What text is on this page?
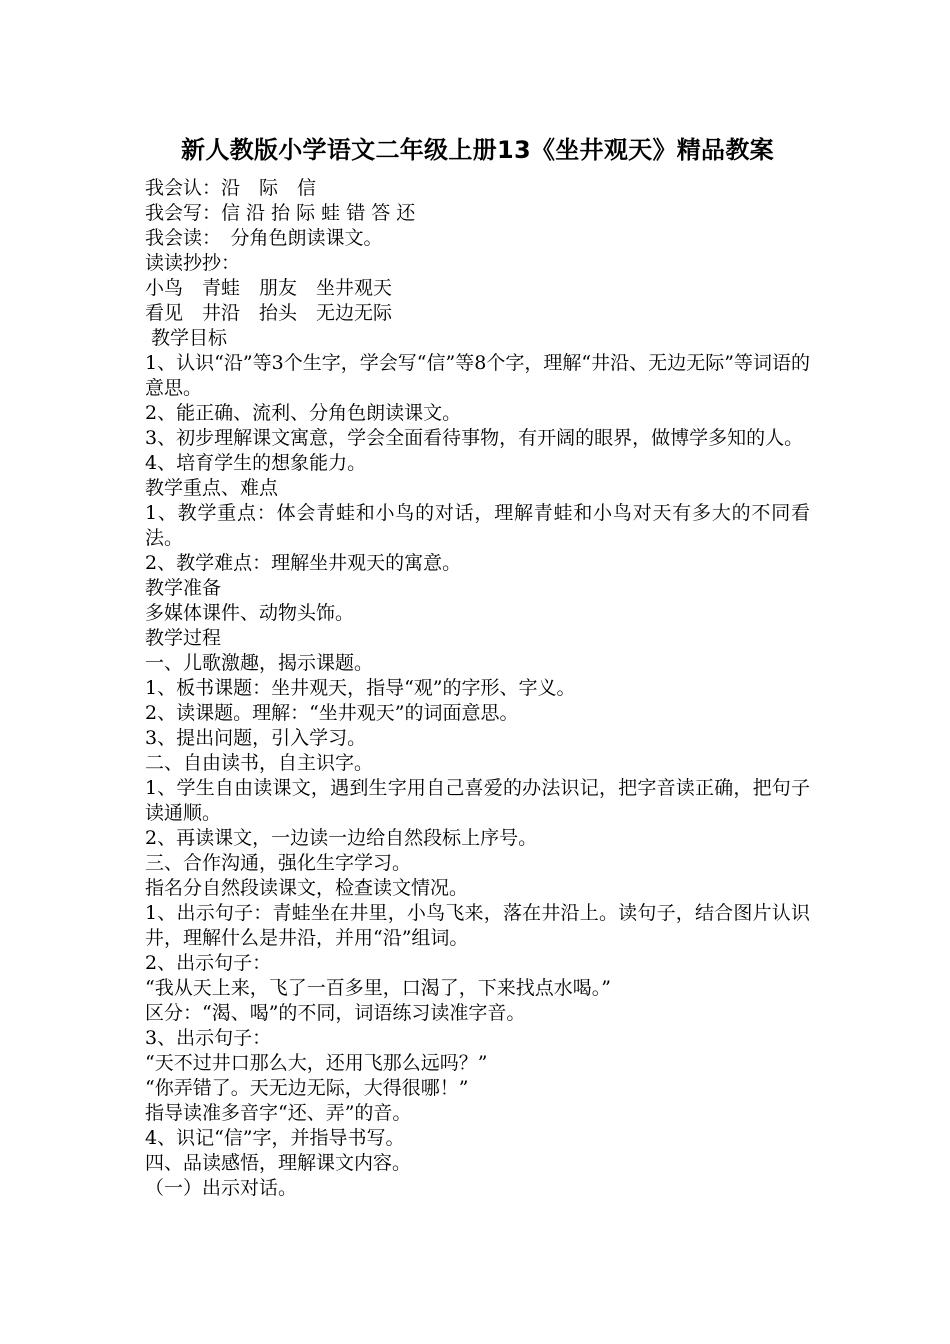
新人教版小学语文二年级上册13《坐井观天》精品教案
我会认：沿　际　信
我会写：信 沿 抬 际 蛙 错 答 还
我会读：　分角色朗读课文。
读读抄抄：
小鸟　青蛙　朋友　坐井观天
看见　井沿　抬头　无边无际
教学目标
1、认识“沿”等3个生字，学会写“信”等8个字，理解“井沿、无边无际”等词语的意思。
2、能正确、流利、分角色朗读课文。
3、初步理解课文寓意，学会全面看待事物，有开阔的眼界，做博学多知的人。
4、培育学生的想象能力。
教学重点、难点
1、教学重点：体会青蛙和小鸟的对话，理解青蛙和小鸟对天有多大的不同看法。
2、教学难点：理解坐井观天的寓意。
教学准备
多媒体课件、动物头饰。
教学过程
一、儿歌激趣，揭示课题。
1、板书课题：坐井观天，指导“观”的字形、字义。
2、读课题。理解：“坐井观天”的词面意思。
3、提出问题，引入学习。
二、自由读书，自主识字。
1、学生自由读课文，遇到生字用自己喜爱的办法识记，把字音读正确，把句子读通顺。
2、再读课文，一边读一边给自然段标上序号。
三、合作沟通，强化生字学习。
指名分自然段读课文，检查读文情况。
1、出示句子：青蛙坐在井里，小鸟飞来，落在井沿上。读句子，结合图片认识井，理解什么是井沿，并用“沿”组词。
2、出示句子：
“我从天上来，飞了一百多里，口渴了，下来找点水喝。”
区分：“渴、喝”的不同，词语练习读准字音。
3、出示句子：
“天不过井口那么大，还用飞那么远吗？”
“你弄错了。天无边无际，大得很哪！”
指导读准多音字“还、弄”的音。
4、识记“信”字，并指导书写。
四、品读感悟，理解课文内容。
（一）出示对话。
